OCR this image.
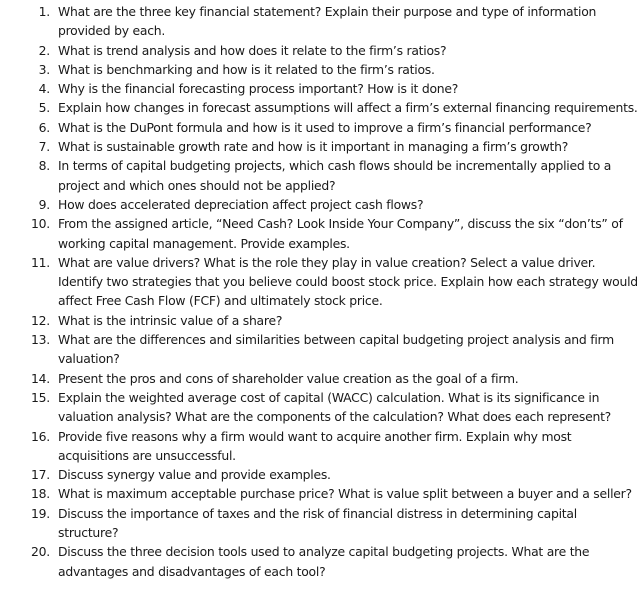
1. What are the three key financial statement? Explain their purpose and type of information provided by each.
2. What is trend analysis and how does it relate to the firm’s ratios?
3. What is benchmarking and how is it related to the firm’s ratios.
4. Why is the financial forecasting process important? How is it done?
5. Explain how changes in forecast assumptions will affect a firm’s external financing requirements.
6. What is the DuPont formula and how is it used to improve a firm’s financial performance?
7. What is sustainable growth rate and how is it important in managing a firm’s growth?
8. In terms of capital budgeting projects, which cash flows should be incrementally applied to a project and which ones should not be applied?
9. How does accelerated depreciation affect project cash flows?
10. From the assigned article, “Need Cash? Look Inside Your Company”, discuss the six “don’ts” of working capital management. Provide examples.
11. What are value drivers? What is the role they play in value creation? Select a value driver. Identify two strategies that you believe could boost stock price. Explain how each strategy would affect Free Cash Flow (FCF) and ultimately stock price.
12. What is the intrinsic value of a share?
13. What are the differences and similarities between capital budgeting project analysis and firm valuation?
14. Present the pros and cons of shareholder value creation as the goal of a firm.
15. Explain the weighted average cost of capital (WACC) calculation. What is its significance in valuation analysis? What are the components of the calculation? What does each represent?
16. Provide five reasons why a firm would want to acquire another firm. Explain why most acquisitions are unsuccessful.
17. Discuss synergy value and provide examples.
18. What is maximum acceptable purchase price? What is value split between a buyer and a seller?
19. Discuss the importance of taxes and the risk of financial distress in determining capital structure?
20. Discuss the three decision tools used to analyze capital budgeting projects. What are the advantages and disadvantages of each tool?
